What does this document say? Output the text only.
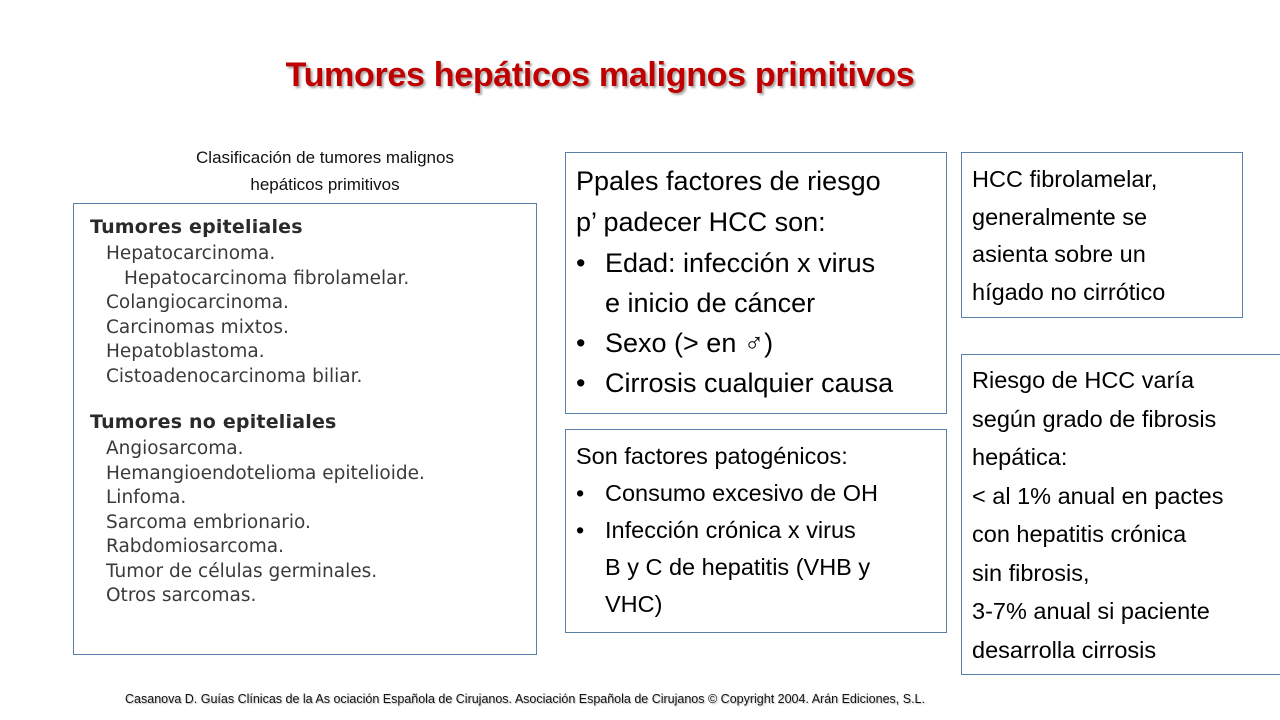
Tumores hepáticos malignos primitivos
Clasificación de tumores malignos
hepáticos primitivos
Tumores epiteliales
Hepatocarcinoma.
Hepatocarcinoma fibrolamelar.
Colangiocarcinoma.
Carcinomas mixtos.
Hepatoblastoma.
Cistoadenocarcinoma biliar.
Tumores no epiteliales
Angiosarcoma.
Hemangioendotelioma epitelioide.
Linfoma.
Sarcoma embrionario.
Rabdomiosarcoma.
Tumor de células germinales.
Otros sarcomas.
Ppales factores de riesgo
p’ padecer HCC son:
• Edad: infección x virus
e inicio de cáncer
• Sexo (> en ♂)
• Cirrosis cualquier causa
Son factores patogénicos:
• Consumo excesivo de OH
• Infección crónica x virus
B y C de hepatitis (VHB y
VHC)
HCC fibrolamelar,
generalmente se
asienta sobre un
hígado no cirrótico
Riesgo de HCC varía
según grado de fibrosis
hepática:
< al 1% anual en pactes
con hepatitis crónica
sin fibrosis,
3-7% anual si paciente
desarrolla cirrosis
Casanova D. Guías Clínicas de la As ociación Española de Cirujanos. Asociación Española de Cirujanos © Copyright 2004. Arán Ediciones, S.L.
